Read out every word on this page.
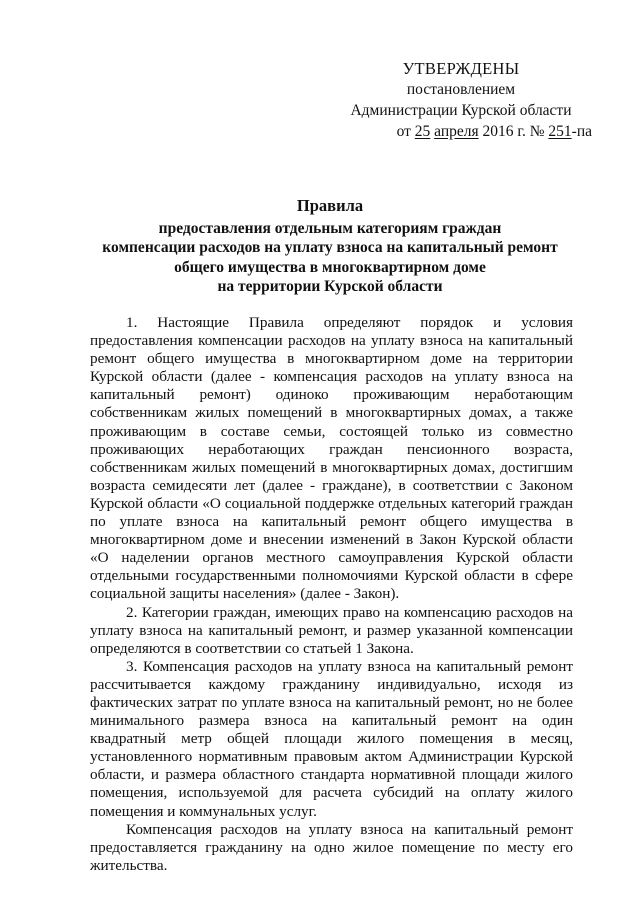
УТВЕРЖДЕНЫ
постановлением
Администрации Курской области
от 25 апреля 2016 г. № 251-па
Правила
предоставления отдельным категориям граждан
компенсации расходов на уплату взноса на капитальный ремонт
общего имущества в многоквартирном доме
на территории Курской области

1. Настоящие Правила определяют порядок и условия предоставления компенсации расходов на уплату взноса на капитальный ремонт общего имущества в многоквартирном доме на территории Курской области (далее - компенсация расходов на уплату взноса на капитальный ремонт) одиноко проживающим неработающим собственникам жилых помещений в многоквартирных домах, а также проживающим в составе семьи, состоящей только из совместно проживающих неработающих граждан пенсионного возраста, собственникам жилых помещений в многоквартирных домах, достигшим возраста семидесяти лет (далее - граждане), в соответствии с Законом Курской области «О социальной поддержке отдельных категорий граждан по уплате взноса на капитальный ремонт общего имущества в многоквартирном доме и внесении изменений в Закон Курской области «О наделении органов местного самоуправления Курской области отдельными государственными полномочиями Курской области в сфере социальной защиты населения» (далее - Закон).

2. Категории граждан, имеющих право на компенсацию расходов на уплату взноса на капитальный ремонт, и размер указанной компенсации определяются в соответствии со статьей 1 Закона.

3. Компенсация расходов на уплату взноса на капитальный ремонт рассчитывается каждому гражданину индивидуально, исходя из фактических затрат по уплате взноса на капитальный ремонт, но не более минимального размера взноса на капитальный ремонт на один квадратный метр общей площади жилого помещения в месяц, установленного нормативным правовым актом Администрации Курской области, и размера областного стандарта нормативной площади жилого помещения, используемой для расчета субсидий на оплату жилого помещения и коммунальных услуг.

Компенсация расходов на уплату взноса на капитальный ремонт предоставляется гражданину на одно жилое помещение по месту его жительства.
